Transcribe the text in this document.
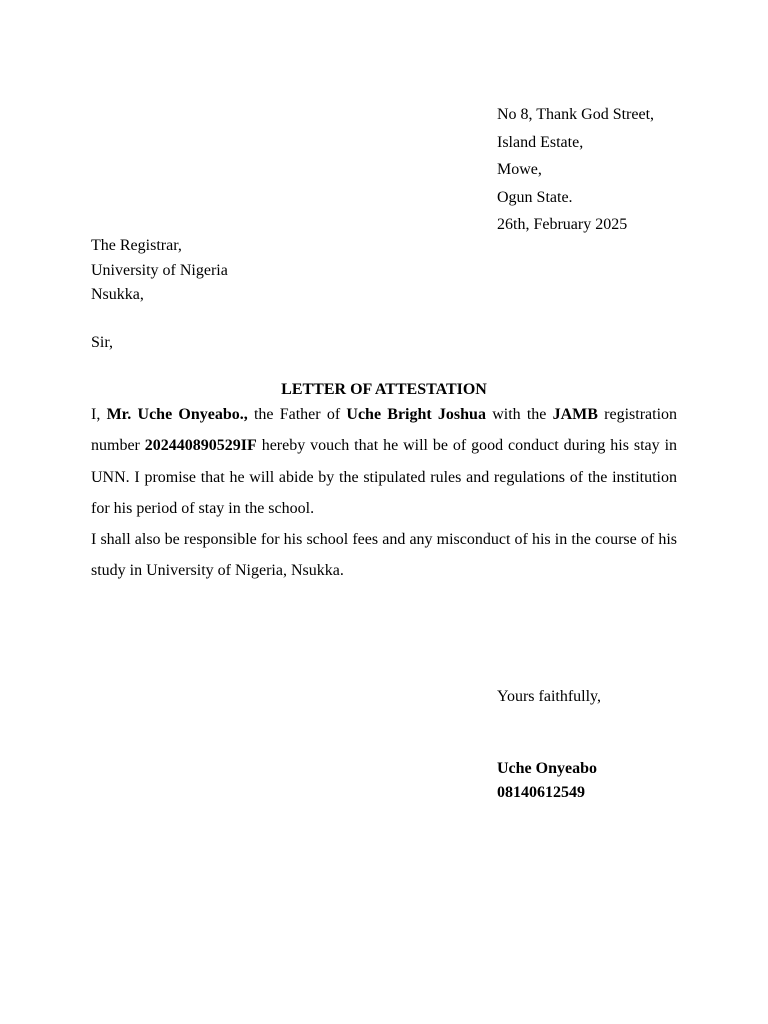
No 8, Thank God Street,
Island Estate,
Mowe,
Ogun State.
26th, February 2025
The Registrar,
University of Nigeria
Nsukka,
Sir,
LETTER OF ATTESTATION

I, Mr. Uche Onyeabo., the Father of Uche Bright Joshua with the JAMB registration number 202440890529IF hereby vouch that he will be of good conduct during his stay in UNN. I promise that he will abide by the stipulated rules and regulations of the institution for his period of stay in the school.

I shall also be responsible for his school fees and any misconduct of his in the course of his study in University of Nigeria, Nsukka.

Yours faithfully,
Uche Onyeabo
08140612549
